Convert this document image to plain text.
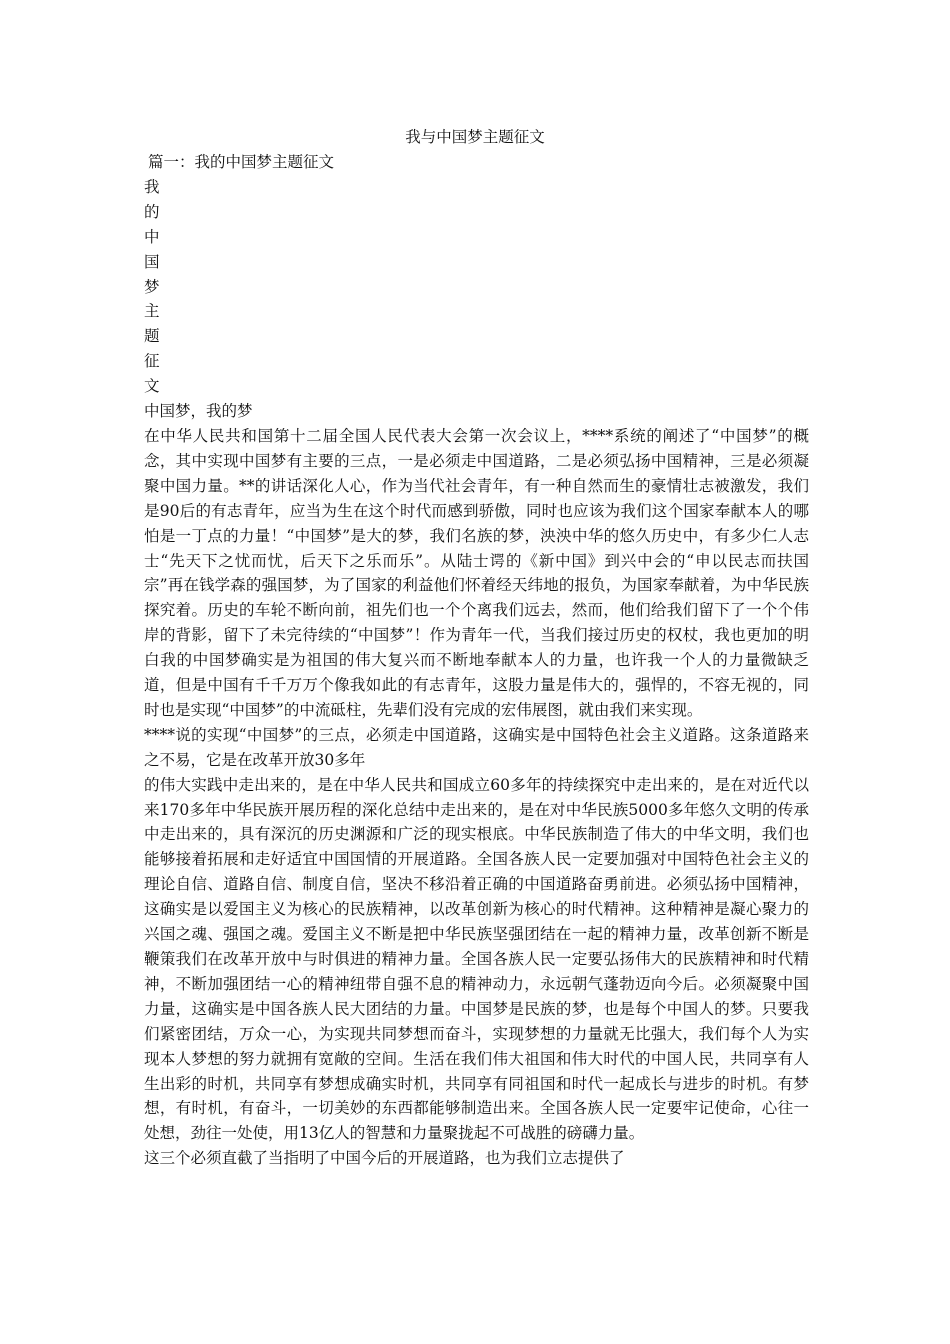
我与中国梦主题征文

篇一：我的中国梦主题征文

我

的

中

国

梦

主

题

征

文

中国梦，我的梦

在中华人民共和国第十二届全国人民代表大会第一次会议上，****系统的阐述了“中国梦”的概念，其中实现中国梦有主要的三点，一是必须走中国道路，二是必须弘扬中国精神，三是必须凝聚中国力量。**的讲话深化人心，作为当代社会青年，有一种自然而生的豪情壮志被激发，我们是90后的有志青年，应当为生在这个时代而感到骄傲，同时也应该为我们这个国家奉献本人的哪怕是一丁点的力量！“中国梦”是大的梦，我们名族的梦，泱泱中华的悠久历史中，有多少仁人志士“先天下之忧而忧，后天下之乐而乐”。从陆士谔的《新中国》到兴中会的“申以民志而扶国宗”再在钱学森的强国梦，为了国家的利益他们怀着经天纬地的报负，为国家奉献着，为中华民族探究着。历史的车轮不断向前，祖先们也一个个离我们远去，然而，他们给我们留下了一个个伟岸的背影，留下了未完待续的“中国梦”！作为青年一代，当我们接过历史的权杖，我也更加的明白我的中国梦确实是为祖国的伟大复兴而不断地奉献本人的力量，也许我一个人的力量微缺乏道，但是中国有千千万万个像我如此的有志青年，这股力量是伟大的，强悍的，不容无视的，同时也是实现“中国梦”的中流砥柱，先辈们没有完成的宏伟展图，就由我们来实现。

****说的实现“中国梦”的三点，必须走中国道路，这确实是中国特色社会主义道路。这条道路来之不易，它是在改革开放30多年

的伟大实践中走出来的，是在中华人民共和国成立60多年的持续探究中走出来的，是在对近代以来170多年中华民族开展历程的深化总结中走出来的，是在对中华民族5000多年悠久文明的传承中走出来的，具有深沉的历史渊源和广泛的现实根底。中华民族制造了伟大的中华文明，我们也能够接着拓展和走好适宜中国国情的开展道路。全国各族人民一定要加强对中国特色社会主义的理论自信、道路自信、制度自信，坚决不移沿着正确的中国道路奋勇前进。必须弘扬中国精神，这确实是以爱国主义为核心的民族精神，以改革创新为核心的时代精神。这种精神是凝心聚力的兴国之魂、强国之魂。爱国主义不断是把中华民族坚强团结在一起的精神力量，改革创新不断是鞭策我们在改革开放中与时俱进的精神力量。全国各族人民一定要弘扬伟大的民族精神和时代精神，不断加强团结一心的精神纽带自强不息的精神动力，永远朝气蓬勃迈向今后。必须凝聚中国力量，这确实是中国各族人民大团结的力量。中国梦是民族的梦，也是每个中国人的梦。只要我们紧密团结，万众一心，为实现共同梦想而奋斗，实现梦想的力量就无比强大，我们每个人为实现本人梦想的努力就拥有宽敞的空间。生活在我们伟大祖国和伟大时代的中国人民，共同享有人生出彩的时机，共同享有梦想成确实时机，共同享有同祖国和时代一起成长与进步的时机。有梦想，有时机，有奋斗，一切美妙的东西都能够制造出来。全国各族人民一定要牢记使命，心往一处想，劲往一处使，用13亿人的智慧和力量聚拢起不可战胜的磅礴力量。

这三个必须直截了当指明了中国今后的开展道路，也为我们立志提供了
